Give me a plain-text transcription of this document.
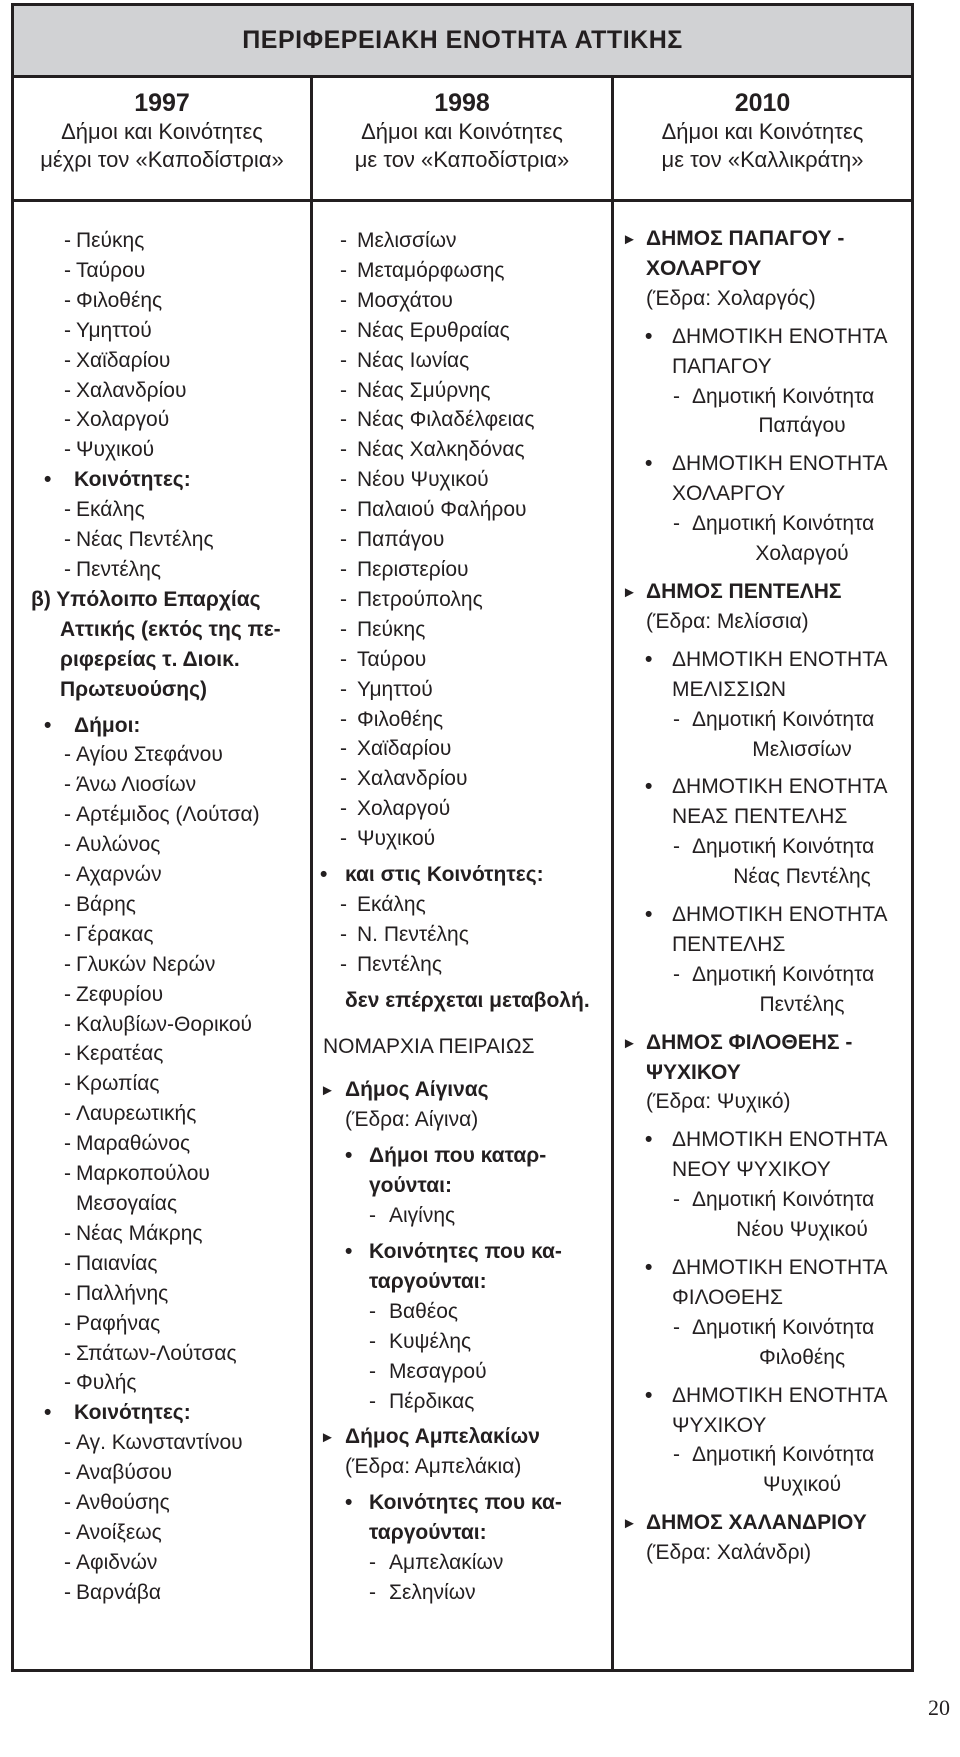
ΠΕΡΙΦΕΡΕΙΑΚΗ ΕΝΟΤΗΤΑ ΑΤΤΙΚΗΣ
1997
Δήμοι και Κοινότητες
μέχρι τον «Καποδίστρια»
- Πεύκης
- Ταύρου
- Φιλοθέης
- Υμηττού
- Χαϊδαρίου
- Χαλανδρίου
- Χολαργού
- Ψυχικού
• Κοινότητες:
- Εκάλης
- Νέας Πεντέλης
- Πεντέλης
β) Υπόλοιπο Επαρχίας
Αττικής (εκτός της πε-
ριφερείας τ. Διοικ.
Πρωτευούσης)
• Δήμοι:
- Αγίου Στεφάνου
- Άνω Λιοσίων
- Αρτέμιδος (Λούτσα)
- Αυλώνος
- Αχαρνών
- Βάρης
- Γέρακας
- Γλυκών Νερών
- Ζεφυρίου
- Καλυβίων-Θορικού
- Κερατέας
- Κρωπίας
- Λαυρεωτικής
- Μαραθώνος
- Μαρκοπούλου
Μεσογαίας
- Νέας Μάκρης
- Παιανίας
- Παλλήνης
- Ραφήνας
- Σπάτων-Λούτσας
- Φυλής
• Κοινότητες:
- Αγ. Κωνσταντίνου
- Αναβύσου
- Ανθούσης
- Ανοίξεως
- Αφιδνών
- Βαρνάβα
1998
Δήμοι και Κοινότητες
με τον «Καποδίστρια»
- Μελισσίων
- Μεταμόρφωσης
- Μοσχάτου
- Νέας Ερυθραίας
- Νέας Ιωνίας
- Νέας Σμύρνης
- Νέας Φιλαδέλφειας
- Νέας Χαλκηδόνας
- Νέου Ψυχικού
- Παλαιού Φαλήρου
- Παπάγου
- Περιστερίου
- Πετρούπολης
- Πεύκης
- Ταύρου
- Υμηττού
- Φιλοθέης
- Χαϊδαρίου
- Χαλανδρίου
- Χολαργού
- Ψυχικού
• και στις Κοινότητες:
- Εκάλης
- Ν. Πεντέλης
- Πεντέλης
δεν επέρχεται μεταβολή.
ΝΟΜΑΡΧΙΑ ΠΕΙΡΑΙΩΣ
► Δήμος Αίγινας
(Έδρα: Αίγινα)
• Δήμοι που καταρ-
γούνται:
- Αιγίνης
• Κοινότητες που κα-
ταργούνται:
- Βαθέος
- Κυψέλης
- Μεσαγρού
- Πέρδικας
► Δήμος Αμπελακίων
(Έδρα: Αμπελάκια)
• Κοινότητες που κα-
ταργούνται:
- Αμπελακίων
- Σεληνίων
2010
Δήμοι και Κοινότητες
με τον «Καλλικράτη»
► ΔΗΜΟΣ ΠΑΠΑΓΟΥ -
ΧΟΛΑΡΓΟΥ
(Έδρα: Χολαργός)
• ΔΗΜΟΤΙΚΗ ΕΝΟΤΗΤΑ
ΠΑΠΑΓΟΥ
- Δημοτική Κοινότητα
Παπάγου
• ΔΗΜΟΤΙΚΗ ΕΝΟΤΗΤΑ
ΧΟΛΑΡΓΟΥ
- Δημοτική Κοινότητα
Χολαργού
► ΔΗΜΟΣ ΠΕΝΤΕΛΗΣ
(Έδρα: Μελίσσια)
• ΔΗΜΟΤΙΚΗ ΕΝΟΤΗΤΑ
ΜΕΛΙΣΣΙΩΝ
- Δημοτική Κοινότητα
Μελισσίων
• ΔΗΜΟΤΙΚΗ ΕΝΟΤΗΤΑ
ΝΕΑΣ ΠΕΝΤΕΛΗΣ
- Δημοτική Κοινότητα
Νέας Πεντέλης
• ΔΗΜΟΤΙΚΗ ΕΝΟΤΗΤΑ
ΠΕΝΤΕΛΗΣ
- Δημοτική Κοινότητα
Πεντέλης
► ΔΗΜΟΣ ΦΙΛΟΘΕΗΣ -
ΨΥΧΙΚΟΥ
(Έδρα: Ψυχικό)
• ΔΗΜΟΤΙΚΗ ΕΝΟΤΗΤΑ
ΝΕΟΥ ΨΥΧΙΚΟΥ
- Δημοτική Κοινότητα
Νέου Ψυχικού
• ΔΗΜΟΤΙΚΗ ΕΝΟΤΗΤΑ
ΦΙΛΟΘΕΗΣ
- Δημοτική Κοινότητα
Φιλοθέης
• ΔΗΜΟΤΙΚΗ ΕΝΟΤΗΤΑ
ΨΥΧΙΚΟΥ
- Δημοτική Κοινότητα
Ψυχικού
► ΔΗΜΟΣ ΧΑΛΑΝΔΡΙΟΥ
(Έδρα: Χαλάνδρι)
20
